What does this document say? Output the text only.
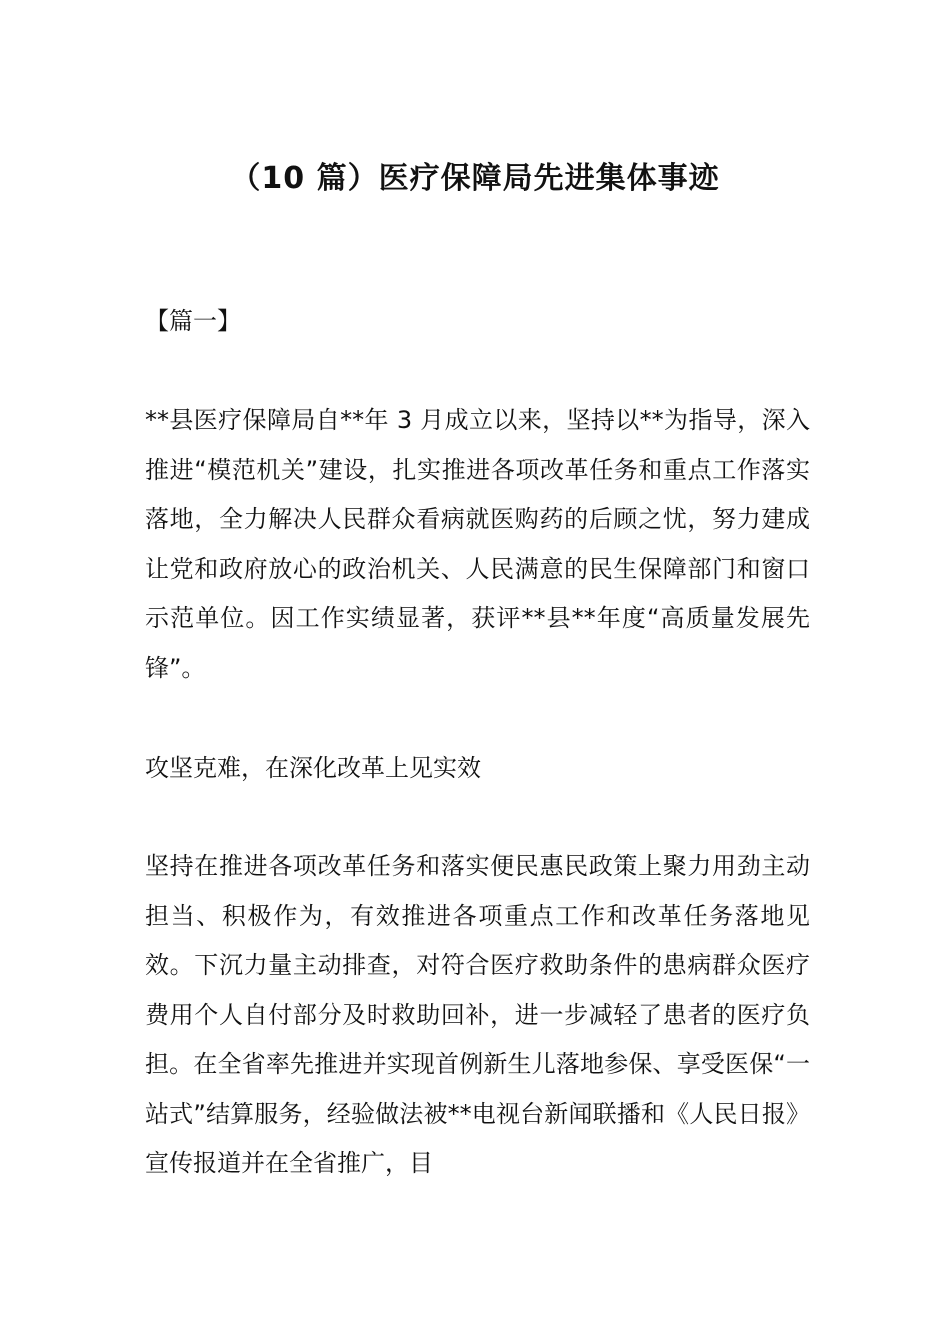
（10 篇）医疗保障局先进集体事迹

【篇一】

**县医疗保障局自**年 3 月成立以来，坚持以**为指导，深入推进“模范机关”建设，扎实推进各项改革任务和重点工作落实落地，全力解决人民群众看病就医购药的后顾之忧，努力建成让党和政府放心的政治机关、人民满意的民生保障部门和窗口示范单位。因工作实绩显著，获评**县**年度“高质量发展先锋”。

攻坚克难，在深化改革上见实效

坚持在推进各项改革任务和落实便民惠民政策上聚力用劲主动担当、积极作为，有效推进各项重点工作和改革任务落地见效。下沉力量主动排查，对符合医疗救助条件的患病群众医疗费用个人自付部分及时救助回补，进一步减轻了患者的医疗负担。在全省率先推进并实现首例新生儿落地参保、享受医保“一站式”结算服务，经验做法被**电视台新闻联播和《人民日报》宣传报道并在全省推广，目
